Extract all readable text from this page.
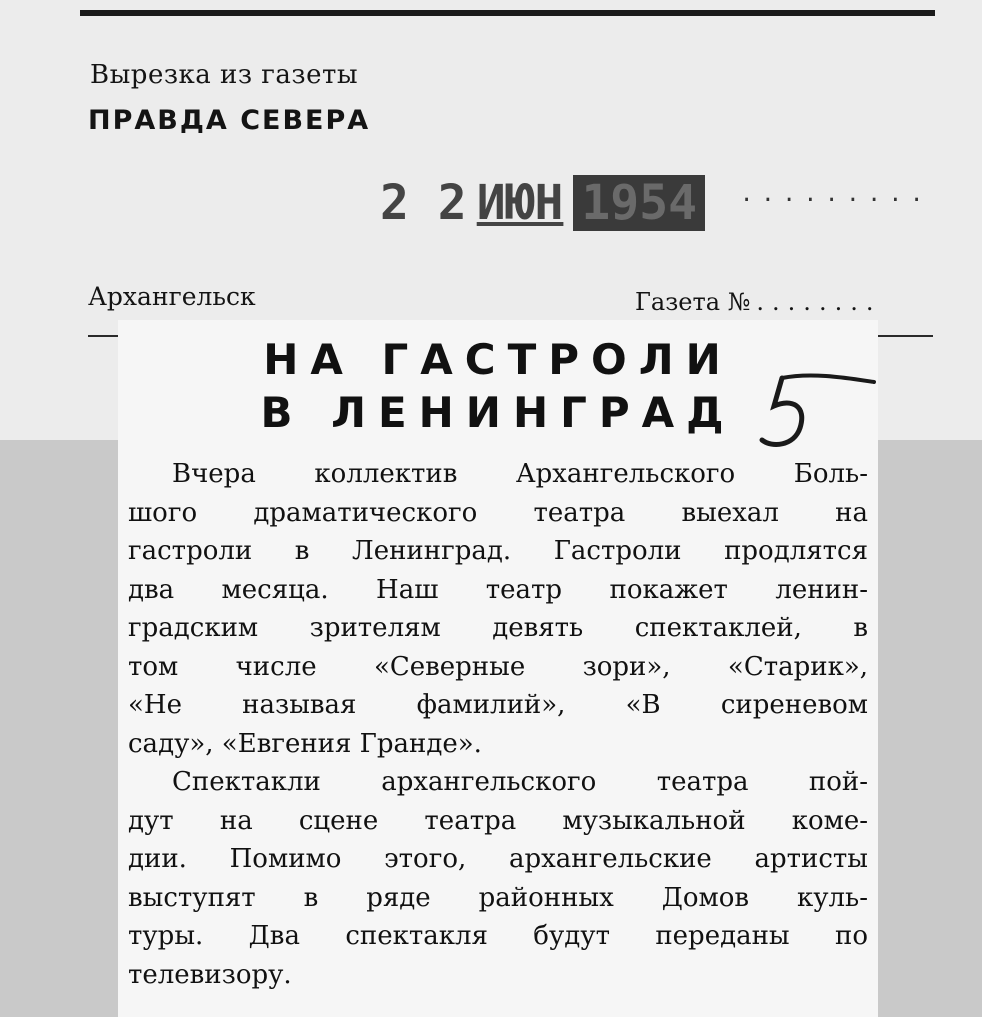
Вырезка из газеты
ПРАВДА СЕВЕРА
2 2 ИЮН 1954	.........
Архангельск	Газета № ........
НА ГАСТРОЛИ
В ЛЕНИНГРАД
Вчера коллектив Архангельского Боль-
шого драматического театра выехал на
гастроли в Ленинград. Гастроли продлятся
два месяца. Наш театр покажет ленин-
градским зрителям девять спектаклей, в
том числе «Северные зори», «Старик»,
«Не называя фамилий», «В сиреневом
саду», «Евгения Гранде».
Спектакли архангельского театра пой-
дут на сцене театра музыкальной коме-
дии. Помимо этого, архангельские артисты
выступят в ряде районных Домов куль-
туры. Два спектакля будут переданы по
телевизору.
